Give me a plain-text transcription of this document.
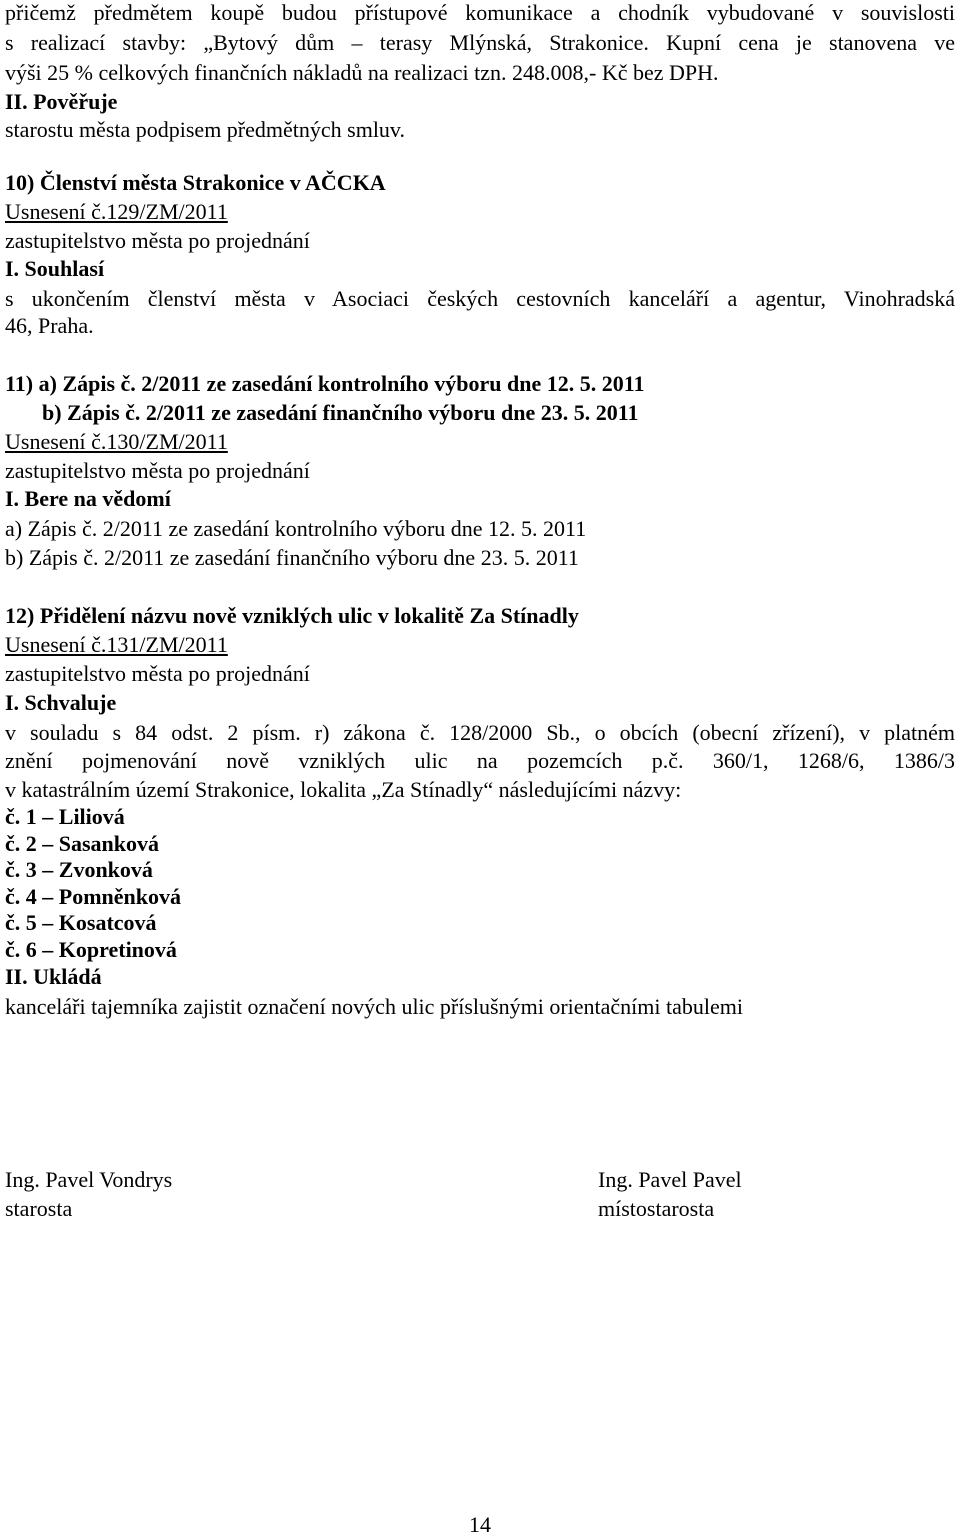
přičemž předmětem koupě budou přístupové komunikace a chodník vybudované v souvislosti
s realizací stavby: „Bytový dům – terasy Mlýnská, Strakonice. Kupní cena je stanovena ve
výši 25 % celkových finančních nákladů na realizaci tzn. 248.008,- Kč bez DPH.
II. Pověřuje
starostu města podpisem předmětných smluv.
10) Členství města Strakonice v AČCKA
Usnesení č.129/ZM/2011
zastupitelstvo města po projednání
I. Souhlasí
s ukončením členství města v Asociaci českých cestovních kanceláří a agentur, Vinohradská
46, Praha.
11) a) Zápis č. 2/2011 ze zasedání kontrolního výboru dne 12. 5. 2011
b) Zápis č. 2/2011 ze zasedání finančního výboru dne 23. 5. 2011
Usnesení č.130/ZM/2011
zastupitelstvo města po projednání
I. Bere na vědomí
a) Zápis č. 2/2011 ze zasedání kontrolního výboru dne 12. 5. 2011
b) Zápis č. 2/2011 ze zasedání finančního výboru dne 23. 5. 2011
12) Přidělení názvu nově vzniklých ulic v lokalitě Za Stínadly
Usnesení č.131/ZM/2011
zastupitelstvo města po projednání
I. Schvaluje
v souladu s 84 odst. 2 písm. r) zákona č. 128/2000 Sb., o obcích (obecní zřízení), v platném
znění pojmenování nově vzniklých ulic na pozemcích p.č. 360/1, 1268/6, 1386/3
v katastrálním území Strakonice, lokalita „Za Stínadly“ následujícími názvy:
č. 1 – Liliová
č. 2 – Sasanková
č. 3 – Zvonková
č. 4 – Pomněnková
č. 5 – Kosatcová
č. 6 – Kopretinová
II. Ukládá
kanceláři tajemníka zajistit označení nových ulic příslušnými orientačními tabulemi
Ing. Pavel Vondrys
starosta
Ing. Pavel Pavel
místostarosta
14
